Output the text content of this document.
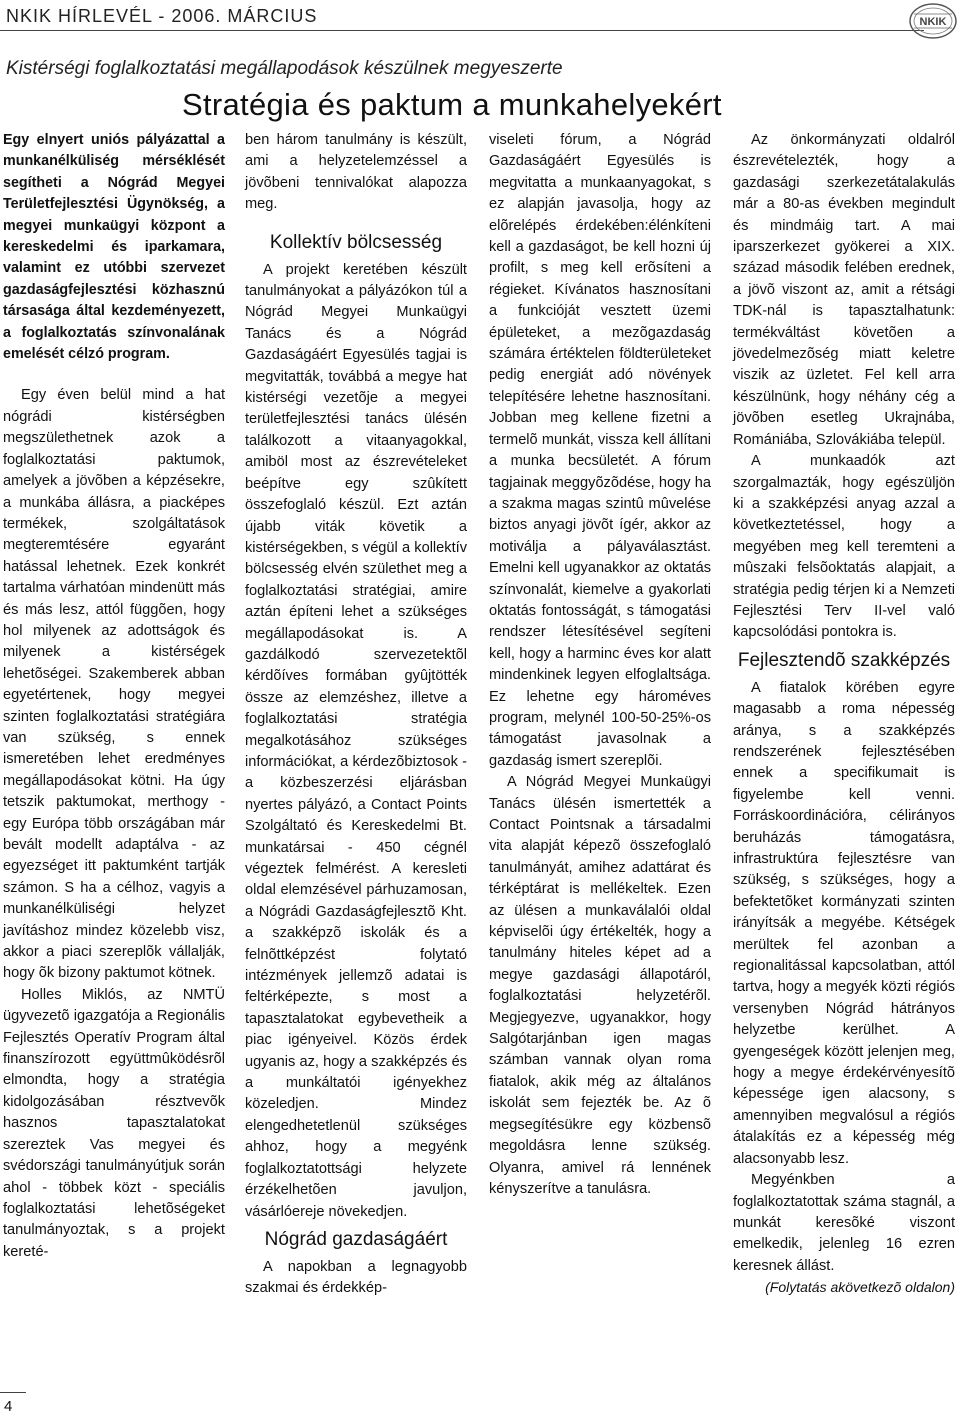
NKIK HÍRLEVÉL - 2006. MÁRCIUS	NKIK
Kistérségi foglalkoztatási megállapodások készülnek megyeszerte
Stratégia és paktum a munkahelyekért

Egy elnyert uniós pályázattal a munkanélküliség mérséklését segítheti a Nógrád Megyei Területfejlesztési Ügynökség, a megyei munkaügyi központ a kereskedelmi és iparkamara, valamint ez utóbbi szervezet gazdaságfejlesztési közhasznú társasága által kezdeményezett, a foglalkoztatás színvonalának emelését célzó program.

Egy éven belül mind a hat nógrádi kistérségben megszülethetnek azok a foglalkoztatási paktumok, amelyek a jövõben a képzésekre, a munkába állásra, a piacképes termékek, szolgáltatások megteremtésére egyaránt hatással lehetnek. Ezek konkrét tartalma várhatóan mindenütt más és más lesz, attól függõen, hogy hol milyenek az adottságok és milyenek a kistérségek lehetõségei. Szakemberek abban egyetértenek, hogy megyei szinten foglalkoztatási stratégiára van szükség, s ennek ismeretében lehet eredményes megállapodásokat kötni. Ha úgy tetszik paktumokat, merthogy - egy Európa több országában már bevált modellt adaptálva - az egyezséget itt paktumként tartják számon. S ha a célhoz, vagyis a munkanélküliségi helyzet javításhoz mindez közelebb visz, akkor a piaci szereplõk vállalják, hogy õk bizony paktumot kötnek.

Holles Miklós, az NMTÜ ügyvezetõ igazgatója a Regionális Fejlesztés Operatív Program által finanszírozott együttmûködésrõl elmondta, hogy a stratégia kidolgozásában résztvevõk hasznos tapasztalatokat szereztek Vas megyei és svédországi tanulmányútjuk során ahol - többek közt - speciális foglalkoztatási lehetõségeket tanulmányoztak, s a projekt kereté-

ben három tanulmány is készült, ami a helyzetelemzéssel a jövõbeni tennivalókat alapozza meg.

Kollektív bölcsesség

A projekt keretében készült tanulmányokat a pályázókon túl a Nógrád Megyei Munkaügyi Tanács és a Nógrád Gazdaságáért Egyesülés tagjai is megvitatták, továbbá a megye hat kistérségi vezetõje a megyei területfejlesztési tanács ülésén találkozott a vitaanyagokkal, amiböl most az észrevételeket beépítve egy szûkített összefoglaló készül. Ezt aztán újabb viták követik a kistérségekben, s végül a kollektív bölcsesség elvén születhet meg a foglalkoztatási stratégiai, amire aztán építeni lehet a szükséges megállapodásokat is. A gazdálkodó szervezetektõl kérdõíves formában gyûjtötték össze az elemzéshez, illetve a foglalkoztatási stratégia megalkotásához szükséges információkat, a kérdezõbiztosok - a közbeszerzési eljárásban nyertes pályázó, a Contact Points Szolgáltató és Kereskedelmi Bt. munkatársai - 450 cégnél végeztek felmérést. A keresleti oldal elemzésével párhuzamosan, a Nógrádi Gazdaságfejlesztõ Kht. a szakképzõ iskolák és a felnõttképzést folytató intézmények jellemzõ adatai is feltérképezte, s most a tapasztalatokat egybevetheik a piac igényeivel. Közös érdek ugyanis az, hogy a szakképzés és a munkáltatói igényekhez közeledjen. Mindez elengedhetetlenül szükséges ahhoz, hogy a megyénk foglalkoztatottsági helyzete érzékelhetõen javuljon, vásárlóereje növekedjen.

Nógrád gazdaságáért

A napokban a legnagyobb szakmai és érdekkép-

viseleti fórum, a Nógrád Gazdaságáért Egyesülés is megvitatta a munkaanyagokat, s ez alapján javasolja, hogy az elõrelépés érdekében:élénkíteni kell a gazdaságot, be kell hozni új profilt, s meg kell erõsíteni a régieket. Kívánatos hasznosítani a funkcióját vesztett üzemi épületeket, a mezõgazdaság számára értéktelen földterületeket pedig energiát adó növények telepítésére lehetne hasznosítani. Jobban meg kellene fizetni a termelõ munkát, vissza kell állítani a munka becsületét. A fórum tagjainak meggyõzõdése, hogy ha a szakma magas szintû mûvelése biztos anyagi jövõt ígér, akkor az motiválja a pályaválasztást. Emelni kell ugyanakkor az oktatás színvonalát, kiemelve a gyakorlati oktatás fontosságát, s támogatási rendszer létesítésével segíteni kell, hogy a harminc éves kor alatt mindenkinek legyen elfoglaltsága. Ez lehetne egy hároméves program, melynél 100-50-25%-os támogatást javasolnak a gazdaság ismert szereplõi.

A Nógrád Megyei Munkaügyi Tanács ülésén ismertették a Contact Pointsnak a társadalmi vita alapját képezõ összefoglaló tanulmányát, amihez adattárat és térképtárat is mellékeltek. Ezen az ülésen a munkaválalói oldal képviselõi úgy értékelték, hogy a tanulmány hiteles képet ad a megye gazdasági állapotáról, foglalkoztatási helyzetérõl. Megjegyezve, ugyanakkor, hogy Salgótarjánban igen magas számban vannak olyan roma fiatalok, akik még az általános iskolát sem fejezték be. Az õ megsegítésükre egy közbensõ megoldásra lenne szükség. Olyanra, amivel rá lennének kényszerítve a tanulásra.

Az önkormányzati oldalról észrevételezték, hogy a gazdasági szerkezetátalakulás már a 80-as években megindult és mindmáig tart. A mai iparszerkezet gyökerei a XIX. század második felében erednek, a jövõ viszont az, amit a rétsági TDK-nál is tapasztalhatunk: termékváltást követõen a jövedelmezõség miatt keletre viszik az üzletet. Fel kell arra készülnünk, hogy néhány cég a jövõben esetleg Ukrajnába, Romániába, Szlovákiába települ.

A munkaadók azt szorgalmazták, hogy egészüljön ki a szakképzési anyag azzal a következtetéssel, hogy a megyében meg kell teremteni a mûszaki felsõoktatás alapjait, a stratégia pedig térjen ki a Nemzeti Fejlesztési Terv II-vel való kapcsolódási pontokra is.

Fejlesztendõ szakképzés

A fiatalok körében egyre magasabb a roma népesség aránya, s a szakképzés rendszerének fejlesztésében ennek a specifikumait is figyelembe kell venni. Forráskoordinációra, célirányos beruházás támogatásra, infrastruktúra fejlesztésre van szükség, s szükséges, hogy a befektetõket kormányzati szinten irányítsák a megyébe. Kétségek merültek fel azonban a regionalitással kapcsolatban, attól tartva, hogy a megyék közti régiós versenyben Nógrád hátrányos helyzetbe kerülhet. A gyengeségek között jelenjen meg, hogy a megye érdekérvényesítõ képessége igen alacsony, s amennyiben megvalósul a régiós átalakítás ez a képesség még alacsonyabb lesz.

Megyénkben a foglalkoztatottak száma stagnál, a munkát keresõké viszont emelkedik, jelenleg 16 ezren keresnek állást.

(Folytatás akövetkezõ oldalon)

4
